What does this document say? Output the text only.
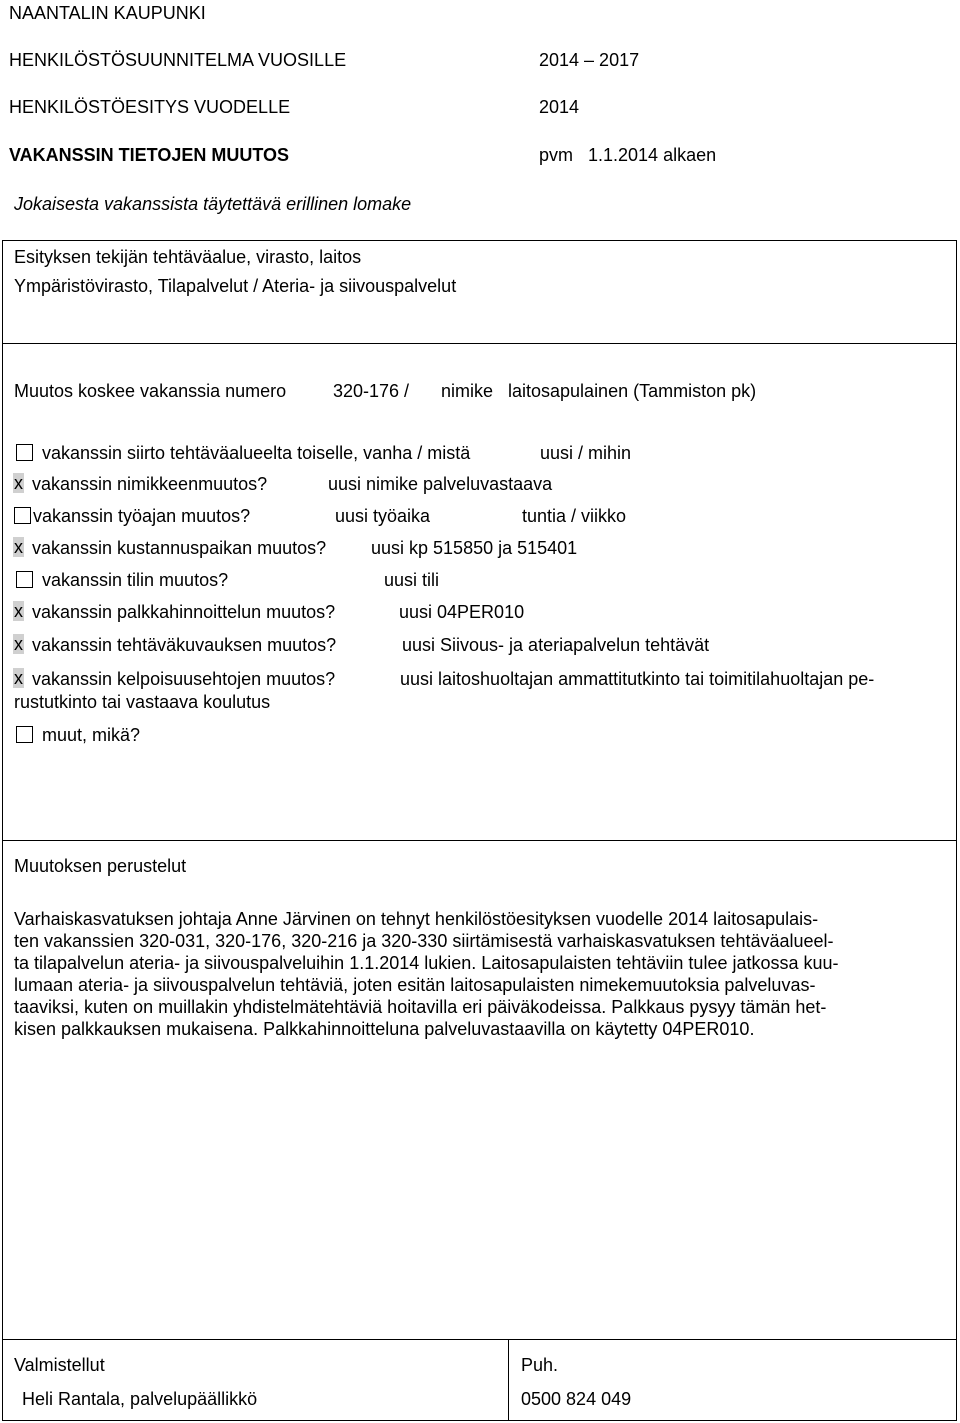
NAANTALIN KAUPUNKI
HENKILÖSTÖSUUNNITELMA VUOSILLE	2014 – 2017
HENKILÖSTÖESITYS VUODELLE	2014
VAKANSSIN TIETOJEN MUUTOS	pvm 1.1.2014 alkaen
Jokaisesta vakanssista täytettävä erillinen lomake
Esityksen tekijän tehtäväalue, virasto, laitos
Ympäristövirasto, Tilapalvelut / Ateria- ja siivouspalvelut
Muutos koskee vakanssia numero	320-176 / nimike laitosapulainen (Tammiston pk)
vakanssin siirto tehtäväalueelta toiselle, vanha / mistä	uusi / mihin
x vakanssin nimikkeenmuutos?	uusi nimike palveluvastaava
vakanssin työajan muutos?	uusi työaika	tuntia / viikko
x vakanssin kustannuspaikan muutos? uusi kp 515850 ja 515401
vakanssin tilin muutos?	uusi tili
x vakanssin palkkahinnoittelun muutos?	uusi 04PER010
x vakanssin tehtäväkuvauksen muutos?	uusi Siivous- ja ateriapalvelun tehtävät
x vakanssin kelpoisuusehtojen muutos?	uusi laitoshuoltajan ammattitutkinto tai toimitilahuoltajan pe-
rustutkinto tai vastaava koulutus
muut, mikä?
Muutoksen perustelut

Varhaiskasvatuksen johtaja Anne Järvinen on tehnyt henkilöstöesityksen vuodelle 2014 laitosapulais-

ten vakanssien 320-031, 320-176, 320-216 ja 320-330 siirtämisestä varhaiskasvatuksen tehtäväalueel-

ta tilapalvelun ateria- ja siivouspalveluihin 1.1.2014 lukien. Laitosapulaisten tehtäviin tulee jatkossa kuu-

lumaan ateria- ja siivouspalvelun tehtäviä, joten esitän laitosapulaisten nimekemuutoksia palveluvas-

taaviksi, kuten on muillakin yhdistelmätehtäviä hoitavilla eri päiväkodeissa. Palkkaus pysyy tämän het-

kisen palkkauksen mukaisena. Palkkahinnoitteluna palveluvastaavilla on käytetty 04PER010.

Valmistellut
Heli Rantala, palvelupäällikkö
Puh.
0500 824 049
